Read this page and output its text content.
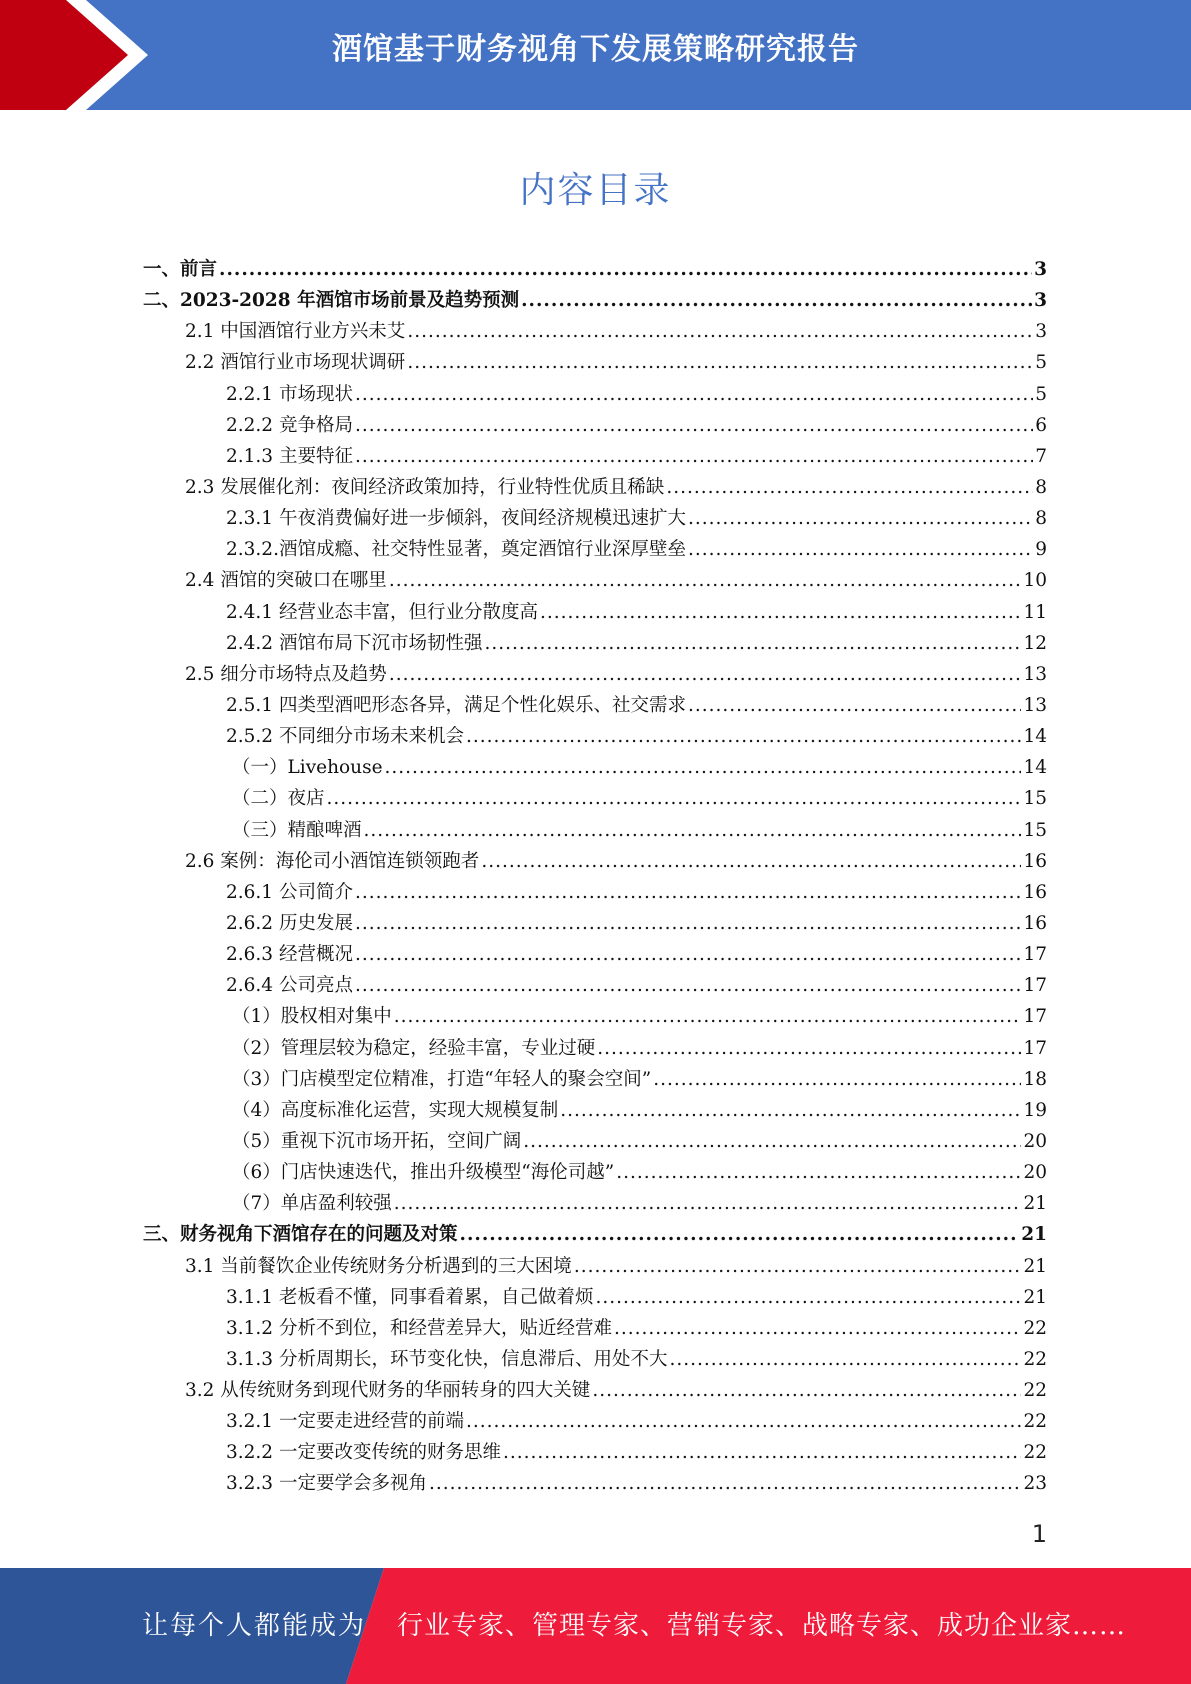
酒馆基于财务视角下发展策略研究报告
内容目录
一、前言 .....	3
二、2023-2028 年酒馆市场前景及趋势预测 .....	3
2.1 中国酒馆行业方兴未艾 .....	3
2.2 酒馆行业市场现状调研 .....	5
2.2.1 市场现状 .....	5
2.2.2 竞争格局 .....	6
2.1.3 主要特征 .....	7
2.3 发展催化剂：夜间经济政策加持，行业特性优质且稀缺 .....	8
2.3.1 午夜消费偏好进一步倾斜，夜间经济规模迅速扩大 .....	8
2.3.2.酒馆成瘾、社交特性显著，奠定酒馆行业深厚壁垒 .....	9
2.4 酒馆的突破口在哪里 .....	10
2.4.1 经营业态丰富，但行业分散度高 .....	11
2.4.2 酒馆布局下沉市场韧性强 .....	12
2.5 细分市场特点及趋势 .....	13
2.5.1 四类型酒吧形态各异，满足个性化娱乐、社交需求 .....	13
2.5.2 不同细分市场未来机会 .....	14
（一）Livehouse .....	14
（二）夜店 .....	15
（三）精酿啤酒 .....	15
2.6 案例：海伦司小酒馆连锁领跑者 .....	16
2.6.1 公司简介 .....	16
2.6.2 历史发展 .....	16
2.6.3 经营概况 .....	17
2.6.4 公司亮点 .....	17
（1）股权相对集中 .....	17
（2）管理层较为稳定，经验丰富，专业过硬 .....	17
（3）门店模型定位精准，打造“年轻人的聚会空间” .....	18
（4）高度标准化运营，实现大规模复制 .....	19
（5）重视下沉市场开拓，空间广阔 .....	20
（6）门店快速迭代，推出升级模型“海伦司越” .....	20
（7）单店盈利较强 .....	21
三、财务视角下酒馆存在的问题及对策 .....	21
3.1 当前餐饮企业传统财务分析遇到的三大困境 .....	21
3.1.1 老板看不懂，同事看着累，自己做着烦 .....	21
3.1.2 分析不到位，和经营差异大，贴近经营难 .....	22
3.1.3 分析周期长，环节变化快，信息滞后、用处不大 .....	22
3.2 从传统财务到现代财务的华丽转身的四大关键 .....	22
3.2.1 一定要走进经营的前端 .....	22
3.2.2 一定要改变传统的财务思维 .....	22
3.2.3 一定要学会多视角 .....	23
1
让每个人都能成为 行业专家、管理专家、营销专家、战略专家、成功企业家……
